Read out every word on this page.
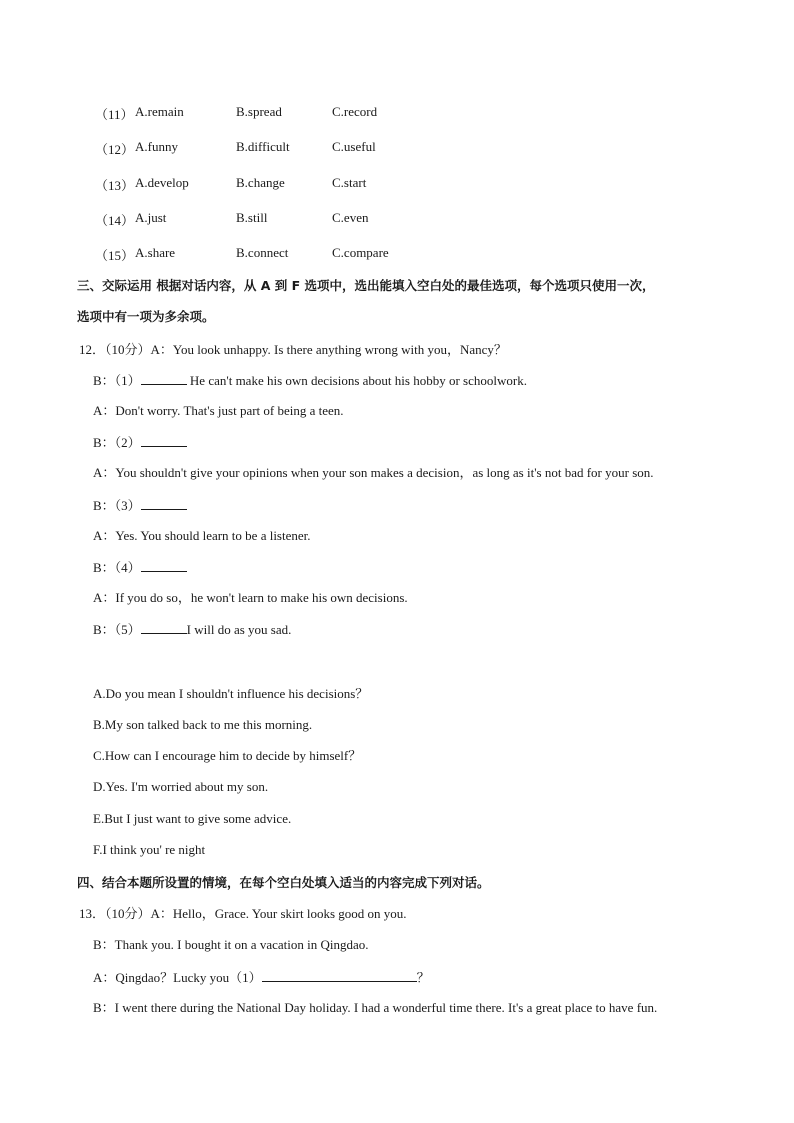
（11） A.remain	B.spread	C.record
（12） A.funny	B.difficult	C.useful
（13） A.develop	B.change	C.start
（14） A.just	B.still	C.even
（15） A.share	B.connect	C.compare
三、交际运用 根据对话内容，从 A 到 F 选项中，选出能填入空白处的最佳选项，每个选项只使用一次，
选项中有一项为多余项。
12．（10分）A：You look unhappy. Is there anything wrong with you，Nancy？
B：（1）	He can't make his own decisions about his hobby or schoolwork.
A：Don't worry. That's just part of being a teen.
B：（2）
A：You shouldn't give your opinions when your son makes a decision，as long as it's not bad for your son.
B：（3）
A：Yes. You should learn to be a listener.
B：（4）
A：If you do so，he won't learn to make his own decisions.
B：（5）	I will do as you sad.
A.Do you mean I shouldn't influence his decisions？
B.My son talked back to me this morning.
C.How can I encourage him to decide by himself？
D.Yes. I'm worried about my son.
E.But I just want to give some advice.
F.I think you' re night
四、结合本题所设置的情境，在每个空白处填入适当的内容完成下列对话。
13．（10分）A：Hello，Grace. Your skirt looks good on you.
B：Thank you. I bought it on a vacation in Qingdao.
A：Qingdao？Lucky you（1）	？
B：I went there during the National Day holiday. I had a wonderful time there. It's a great place to have fun.
